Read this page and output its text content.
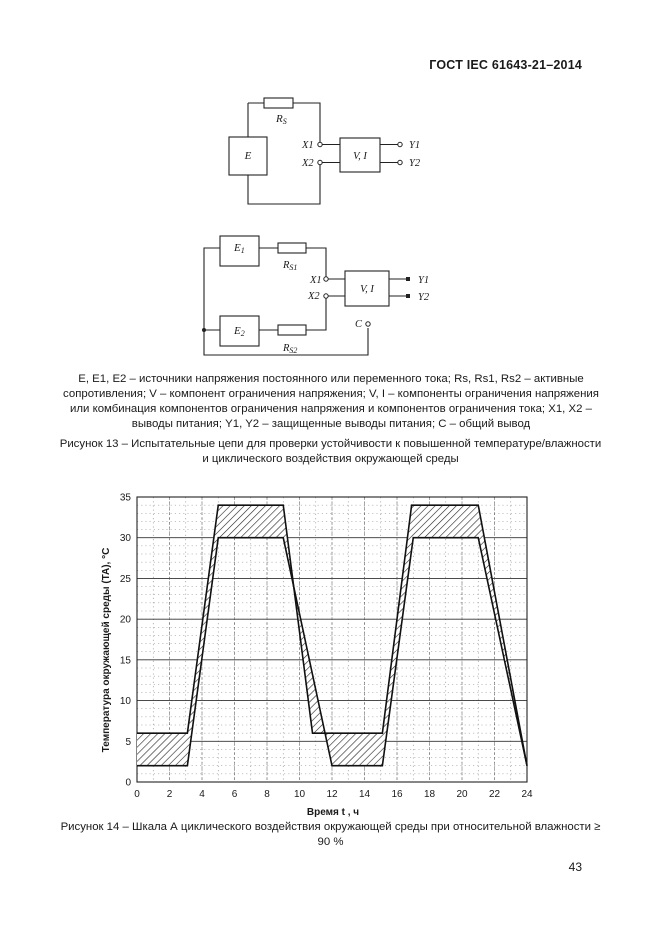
ГОСТ IEC 61643-21–2014
E
RS
X1
X2
V, I
Y1
Y2
E1
E2
RS1
RS2
X1
X2
V, I
Y1
Y2
C
E, E1, E2 – источники напряжения постоянного или переменного тока; Rs, Rs1, Rs2 – активные
сопротивления; V – компонент ограничения напряжения; V, I – компоненты ограничения напряжения
или комбинация компонентов ограничения напряжения и компонентов ограничения тока; X1, X2 –
выводы питания; Y1, Y2 – защищенные выводы питания; C – общий вывод
Рисунок 13 – Испытательные цепи для проверки устойчивости к повышенной температуре/влажности
и циклического воздействия окружающей среды
0	2	4	6	8 10 12 14 16 18 20 22 24
0
5
10
15
20
25
30
35
Температура окружающей среды (TA), °C
Время t , ч
Рисунок 14 – Шкала А циклического воздействия окружающей среды при относительной влажности ≥
90 %
43
